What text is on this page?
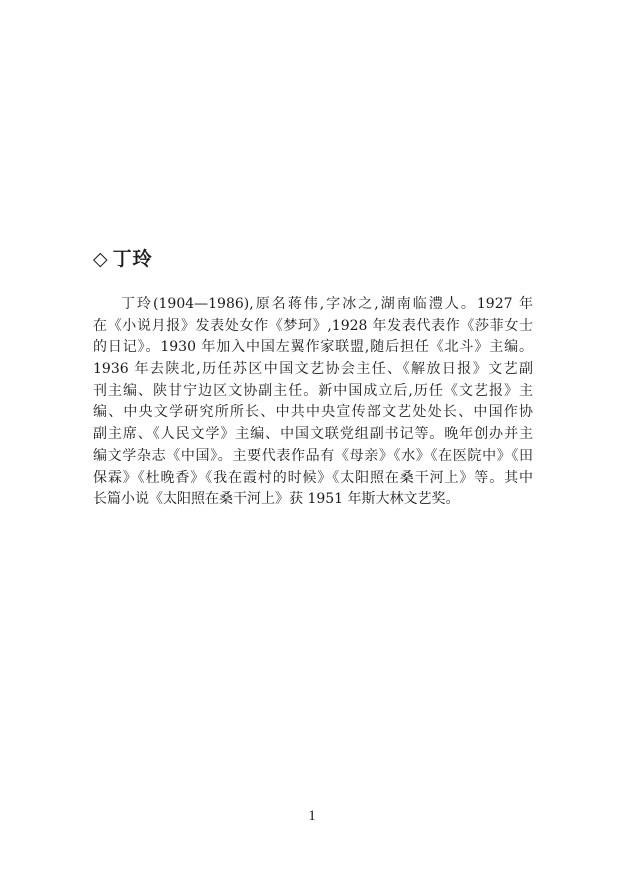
◇ 丁玲
丁玲(1904—1986),原名蒋伟,字冰之,湖南临澧人。1927 年
在《小说月报》发表处女作《梦珂》,1928 年发表代表作《莎菲女士
的日记》。1930 年加入中国左翼作家联盟,随后担任《北斗》主编。
1936 年去陕北,历任苏区中国文艺协会主任、《解放日报》文艺副
刊主编、陕甘宁边区文协副主任。新中国成立后,历任《文艺报》主
编、中央文学研究所所长、中共中央宣传部文艺处处长、中国作协
副主席、《人民文学》主编、中国文联党组副书记等。晚年创办并主
编文学杂志《中国》。主要代表作品有《母亲》《水》《在医院中》《田
保霖》《杜晚香》《我在霞村的时候》《太阳照在桑干河上》等。其中
长篇小说《太阳照在桑干河上》获 1951 年斯大林文艺奖。
1
